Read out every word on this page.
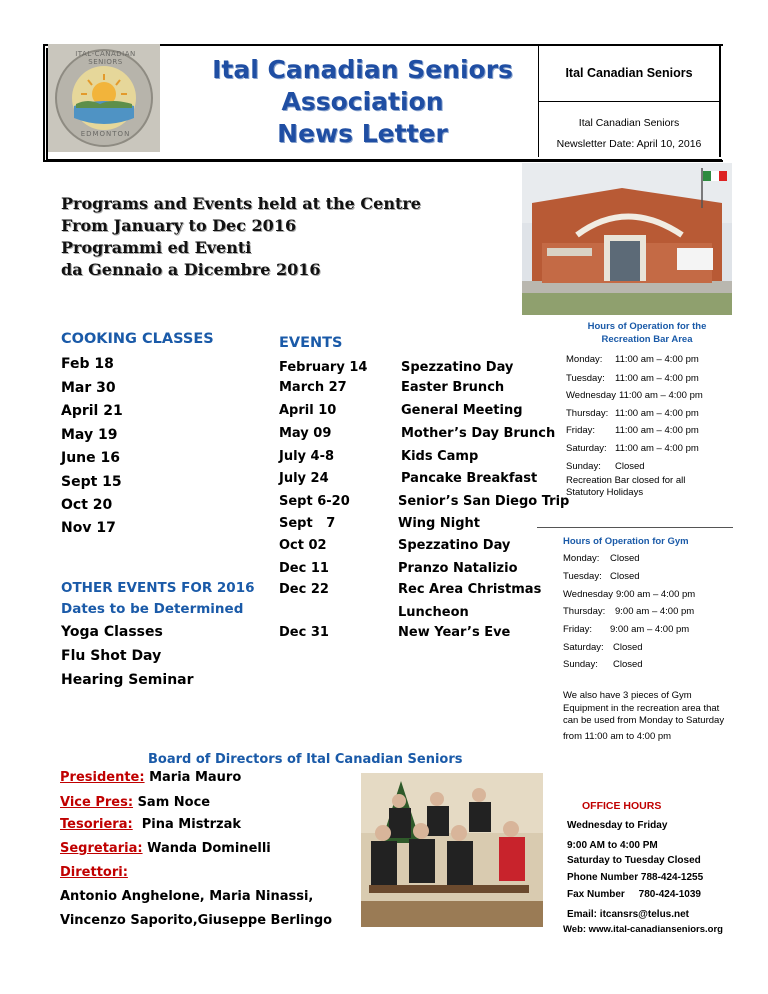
ITAL-CANADIAN SENIORS
EDMONTON
Ital Canadian Seniors
Association
News Letter
Ital Canadian Seniors
Ital Canadian Seniors
Newsletter Date: April 10, 2016
Programs and Events held at the Centre
From January to Dec 2016
Programmi ed Eventi
da Gennaio a Dicembre 2016
COOKING CLASSES
Feb 18
Mar 30
April 21
May 19
June 16
Sept 15
Oct 20
Nov 17
OTHER EVENTS FOR 2016
Dates to be Determined
Yoga Classes
Flu Shot Day
Hearing Seminar
EVENTS
February 14	Spezzatino Day
March 27	Easter Brunch
April 10	General Meeting
May 09	Mother’s Day Brunch
July 4-8	Kids Camp
July 24	Pancake Breakfast
Sept 6-20	Senior’s San Diego Trip
Sept   7	Wing Night
Oct 02	Spezzatino Day
Dec 11	Pranzo Natalizio
Dec 22	Rec Area Christmas
Luncheon
Dec 31	New Year’s Eve
Hours of Operation for the
Recreation Bar Area
Monday: 11:00 am – 4:00 pm
Tuesday: 11:00 am – 4:00 pm
Wednesday 11:00 am – 4:00 pm
Thursday: 11:00 am – 4:00 pm
Friday: 11:00 am – 4:00 pm
Saturday: 11:00 am – 4:00 pm
Sunday: Closed
Recreation Bar closed for all
Statutory Holidays
Hours of Operation for Gym
Monday: Closed
Tuesday: Closed
Wednesday 9:00 am – 4:00 pm
Thursday: 9:00 am – 4:00 pm
Friday: 9:00 am – 4:00 pm
Saturday: Closed
Sunday: Closed
We also have 3 pieces of Gym
Equipment in the recreation area that
can be used from Monday to Saturday
from 11:00 am to 4:00 pm
Board of Directors of Ital Canadian Seniors
Presidente: Maria Mauro
Vice Pres: Sam Noce
Tesoriera: Pina Mistrzak
Segretaria: Wanda Dominelli
Direttori:
Antonio Anghelone, Maria Ninassi,
Vincenzo Saporito,Giuseppe Berlingo
OFFICE HOURS
Wednesday to Friday
9:00 AM to 4:00 PM
Saturday to Tuesday Closed
Phone Number 788-424-1255
Fax Number     780-424-1039
Email: itcansrs@telus.net
Web: www.ital-canadianseniors.org
